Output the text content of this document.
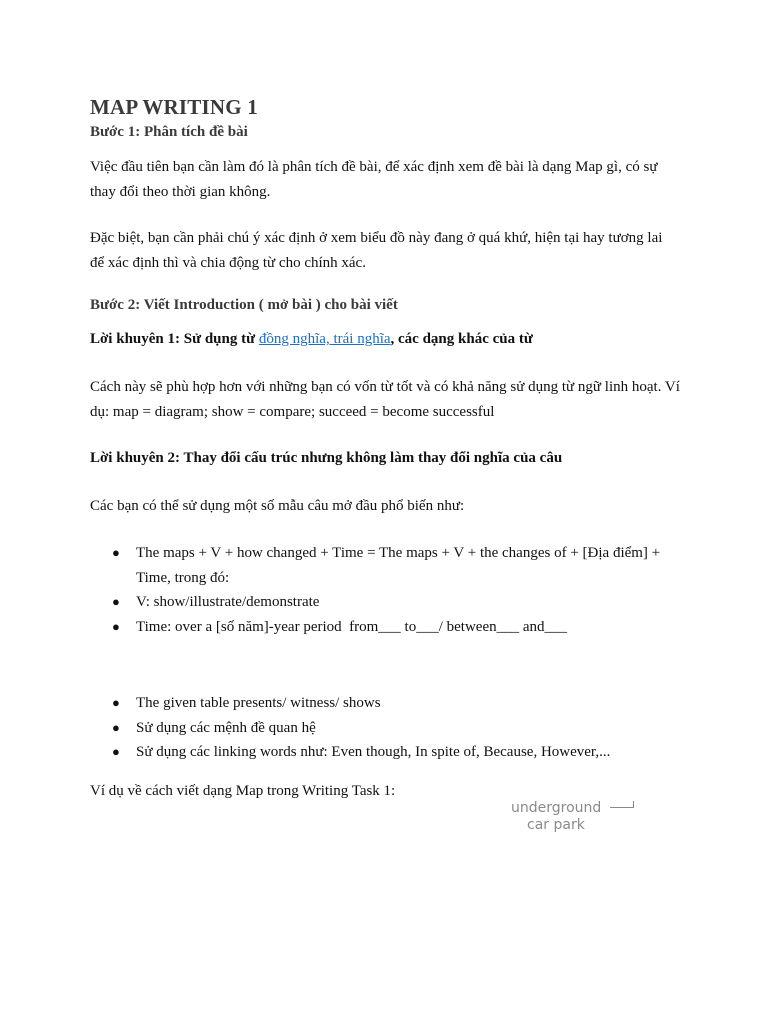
MAP WRITING 1
Bước 1: Phân tích đề bài
Việc đầu tiên bạn cần làm đó là phân tích đề bài, để xác định xem đề bài là dạng Map gì, có sự thay đổi theo thời gian không.
Đặc biệt, bạn cần phải chú ý xác định ở xem biểu đồ này đang ở quá khứ, hiện tại hay tương lai để xác định thì và chia động từ cho chính xác.
Bước 2: Viết Introduction ( mở bài ) cho bài viết
Lời khuyên 1: Sử dụng từ đồng nghĩa, trái nghĩa, các dạng khác của từ
Cách này sẽ phù hợp hơn với những bạn có vốn từ tốt và có khả năng sử dụng từ ngữ linh hoạt. Ví dụ: map = diagram; show = compare; succeed = become successful
Lời khuyên 2: Thay đổi cấu trúc nhưng không làm thay đổi nghĩa của câu
Các bạn có thể sử dụng một số mẫu câu mở đầu phổ biến như:
● The maps + V + how changed + Time = The maps + V + the changes of + [Địa điểm] + Time, trong đó:
● V: show/illustrate/demonstrate
● Time: over a [số năm]-year period  from___ to___/ between___ and___
● The given table presents/ witness/ shows
● Sử dụng các mệnh đề quan hệ
● Sử dụng các linking words như: Even though, In spite of, Because, However,...
Ví dụ về cách viết dạng Map trong Writing Task 1:
underground
car park
